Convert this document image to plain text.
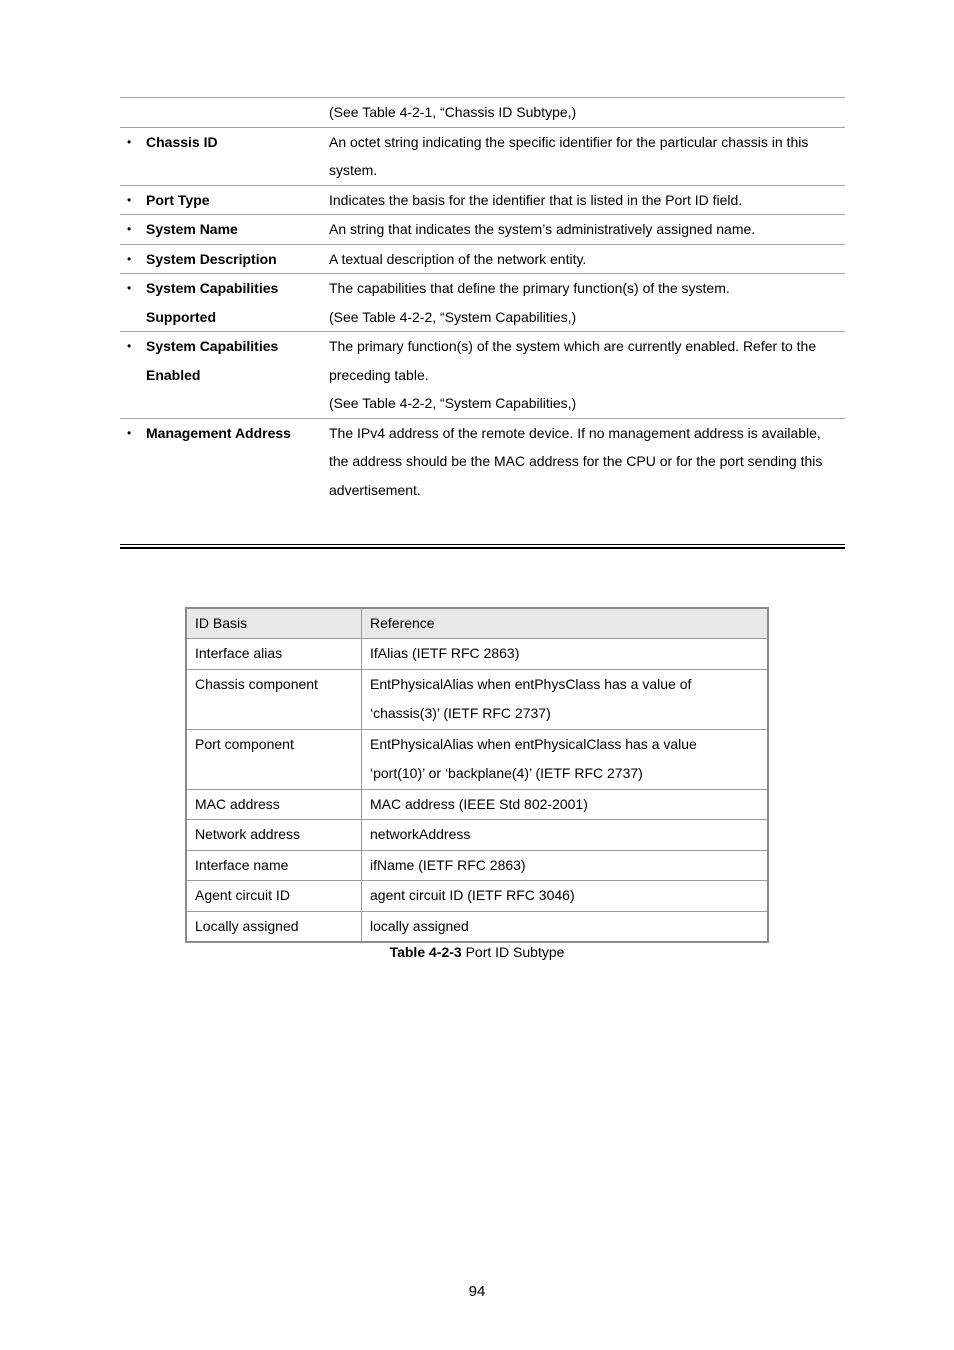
	(See Table 4-2-1, “Chassis ID Subtype,)

• Chassis ID	An octet string indicating the specific identifier for the particular chassis in this
system.

• Port Type	Indicates the basis for the identifier that is listed in the Port ID field.

• System Name	An string that indicates the system’s administratively assigned name.

• System Description	A textual description of the network entity.

• System Capabilities
Supported	The capabilities that define the primary function(s) of the system.
(See Table 4-2-2, “System Capabilities,)

• System Capabilities
Enabled	The primary function(s) of the system which are currently enabled. Refer to the
preceding table.
(See Table 4-2-2, “System Capabilities,)

• Management Address	The IPv4 address of the remote device. If no management address is available,
the address should be the MAC address for the CPU or for the port sending this
advertisement.
ID Basis	Reference
Interface alias	IfAlias (IETF RFC 2863)

Chassis component	EntPhysicalAlias when entPhysClass has a value of
‘chassis(3)’ (IETF RFC 2737)

Port component	EntPhysicalAlias when entPhysicalClass has a value
‘port(10)’ or ‘backplane(4)’ (IETF RFC 2737)

MAC address	MAC address (IEEE Std 802-2001)

Network address	networkAddress

Interface name	ifName (IETF RFC 2863)

Agent circuit ID	agent circuit ID (IETF RFC 3046)

Locally assigned	locally assigned
Table 4-2-3 Port ID Subtype
94
